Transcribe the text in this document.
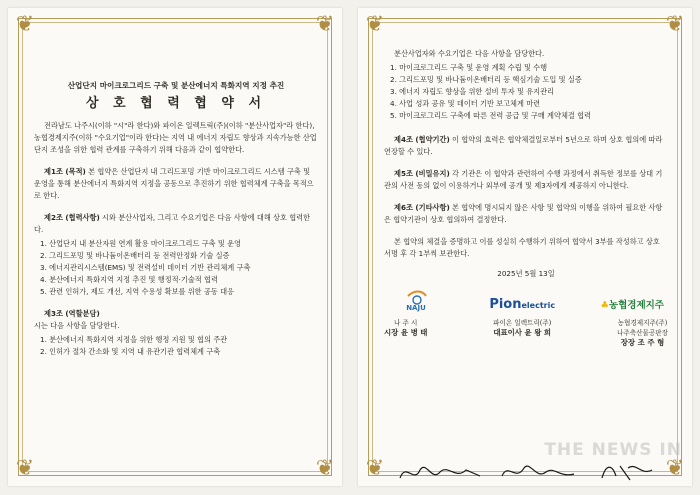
❦	❦
❦	❦
산업단지 마이크로그리드 구축 및 분산에너지 특화지역 지정 추진
상 호 협 력 협 약 서

전라남도 나주시(이하 "시"라 한다)와 파이온 일렉트릭(주)(이하 "분산사업자"라 한다), 농협경제지주(이하 "수요기업"이라 한다)는 지역 내 에너지 자립도 향상과 지속가능한 산업단지 조성을 위한 협력 관계를 구축하기 위해 다음과 같이 협약한다.

제1조 (목적) 본 협약은 산업단지 내 그리드포밍 기반 마이크로그리드 시스템 구축 및 운영을 통해 분산에너지 특화지역 지정을 공동으로 추진하기 위한 협력체계 구축을 목적으로 한다.

제2조 (협력사항) 시와 분산사업자, 그리고 수요기업은 다음 사항에 대해 상호 협력한다.

1. 산업단지 내 분산자원 연계 활용 마이크로그리드 구축 및 운영
2. 그리드포밍 및 바나듐이온배터리 등 전력안정화 기술 실증
3. 에너지관리시스템(EMS) 및 전력설비 데이터 기반 관리체계 구축
4. 분산에너지 특화지역 지정 추진 및 행정적·기술적 협력
5. 관련 인허가, 제도 개선, 지역 수용성 확보를 위한 공동 대응

제3조 (역할분담)
시는 다음 사항을 담당한다.

1. 분산에너지 특화지역 지정을 위한 행정 지원 및 협의 주관
2. 인허가 절차 간소화 및 지역 내 유관기관 협력체계 구축
❦	❦
❦	❦

분산사업자와 수요기업은 다음 사항을 담당한다.

1. 마이크로그리드 구축 및 운영 계획 수립 및 수행
2. 그리드포밍 및 바나듐이온배터리 등 핵심기술 도입 및 실증
3. 에너지 자립도 향상을 위한 설비 투자 및 유지관리
4. 사업 성과 공유 및 데이터 기반 보고체계 마련
5. 마이크로그리드 구축에 따른 전력 공급 및 구매 계약체결 협력

제4조 (협약기간) 이 협약의 효력은 협약체결일로부터 5년으로 하며 상호 협의에 따라 연장할 수 있다.

제5조 (비밀유지) 각 기관은 이 협약과 관련하여 수행 과정에서 취득한 정보를 상대 기관의 사전 동의 없이 이용하거나 외부에 공개 및 제3자에게 제공하지 아니한다.

제6조 (기타사항) 본 협약에 명시되지 않은 사항 및 협약의 이행을 위하여 필요한 사항은 협약기관이 상호 협의하여 결정한다.

본 협약의 체결을 증명하고 이를 성실히 수행하기 위하여 협약서 3부를 작성하고 상호 서명 후 각 1부씩 보관한다.

2025년 5월 13일
NAJU	Pionelectric	♣농협경제지주
나 주 시
시장 윤 병 태
파이온 일렉트릭(주)
대표이사 윤 왕 희
농협경제지주(주)
나주축산물공판장
장장 조 주 형
THE NEWS IN
